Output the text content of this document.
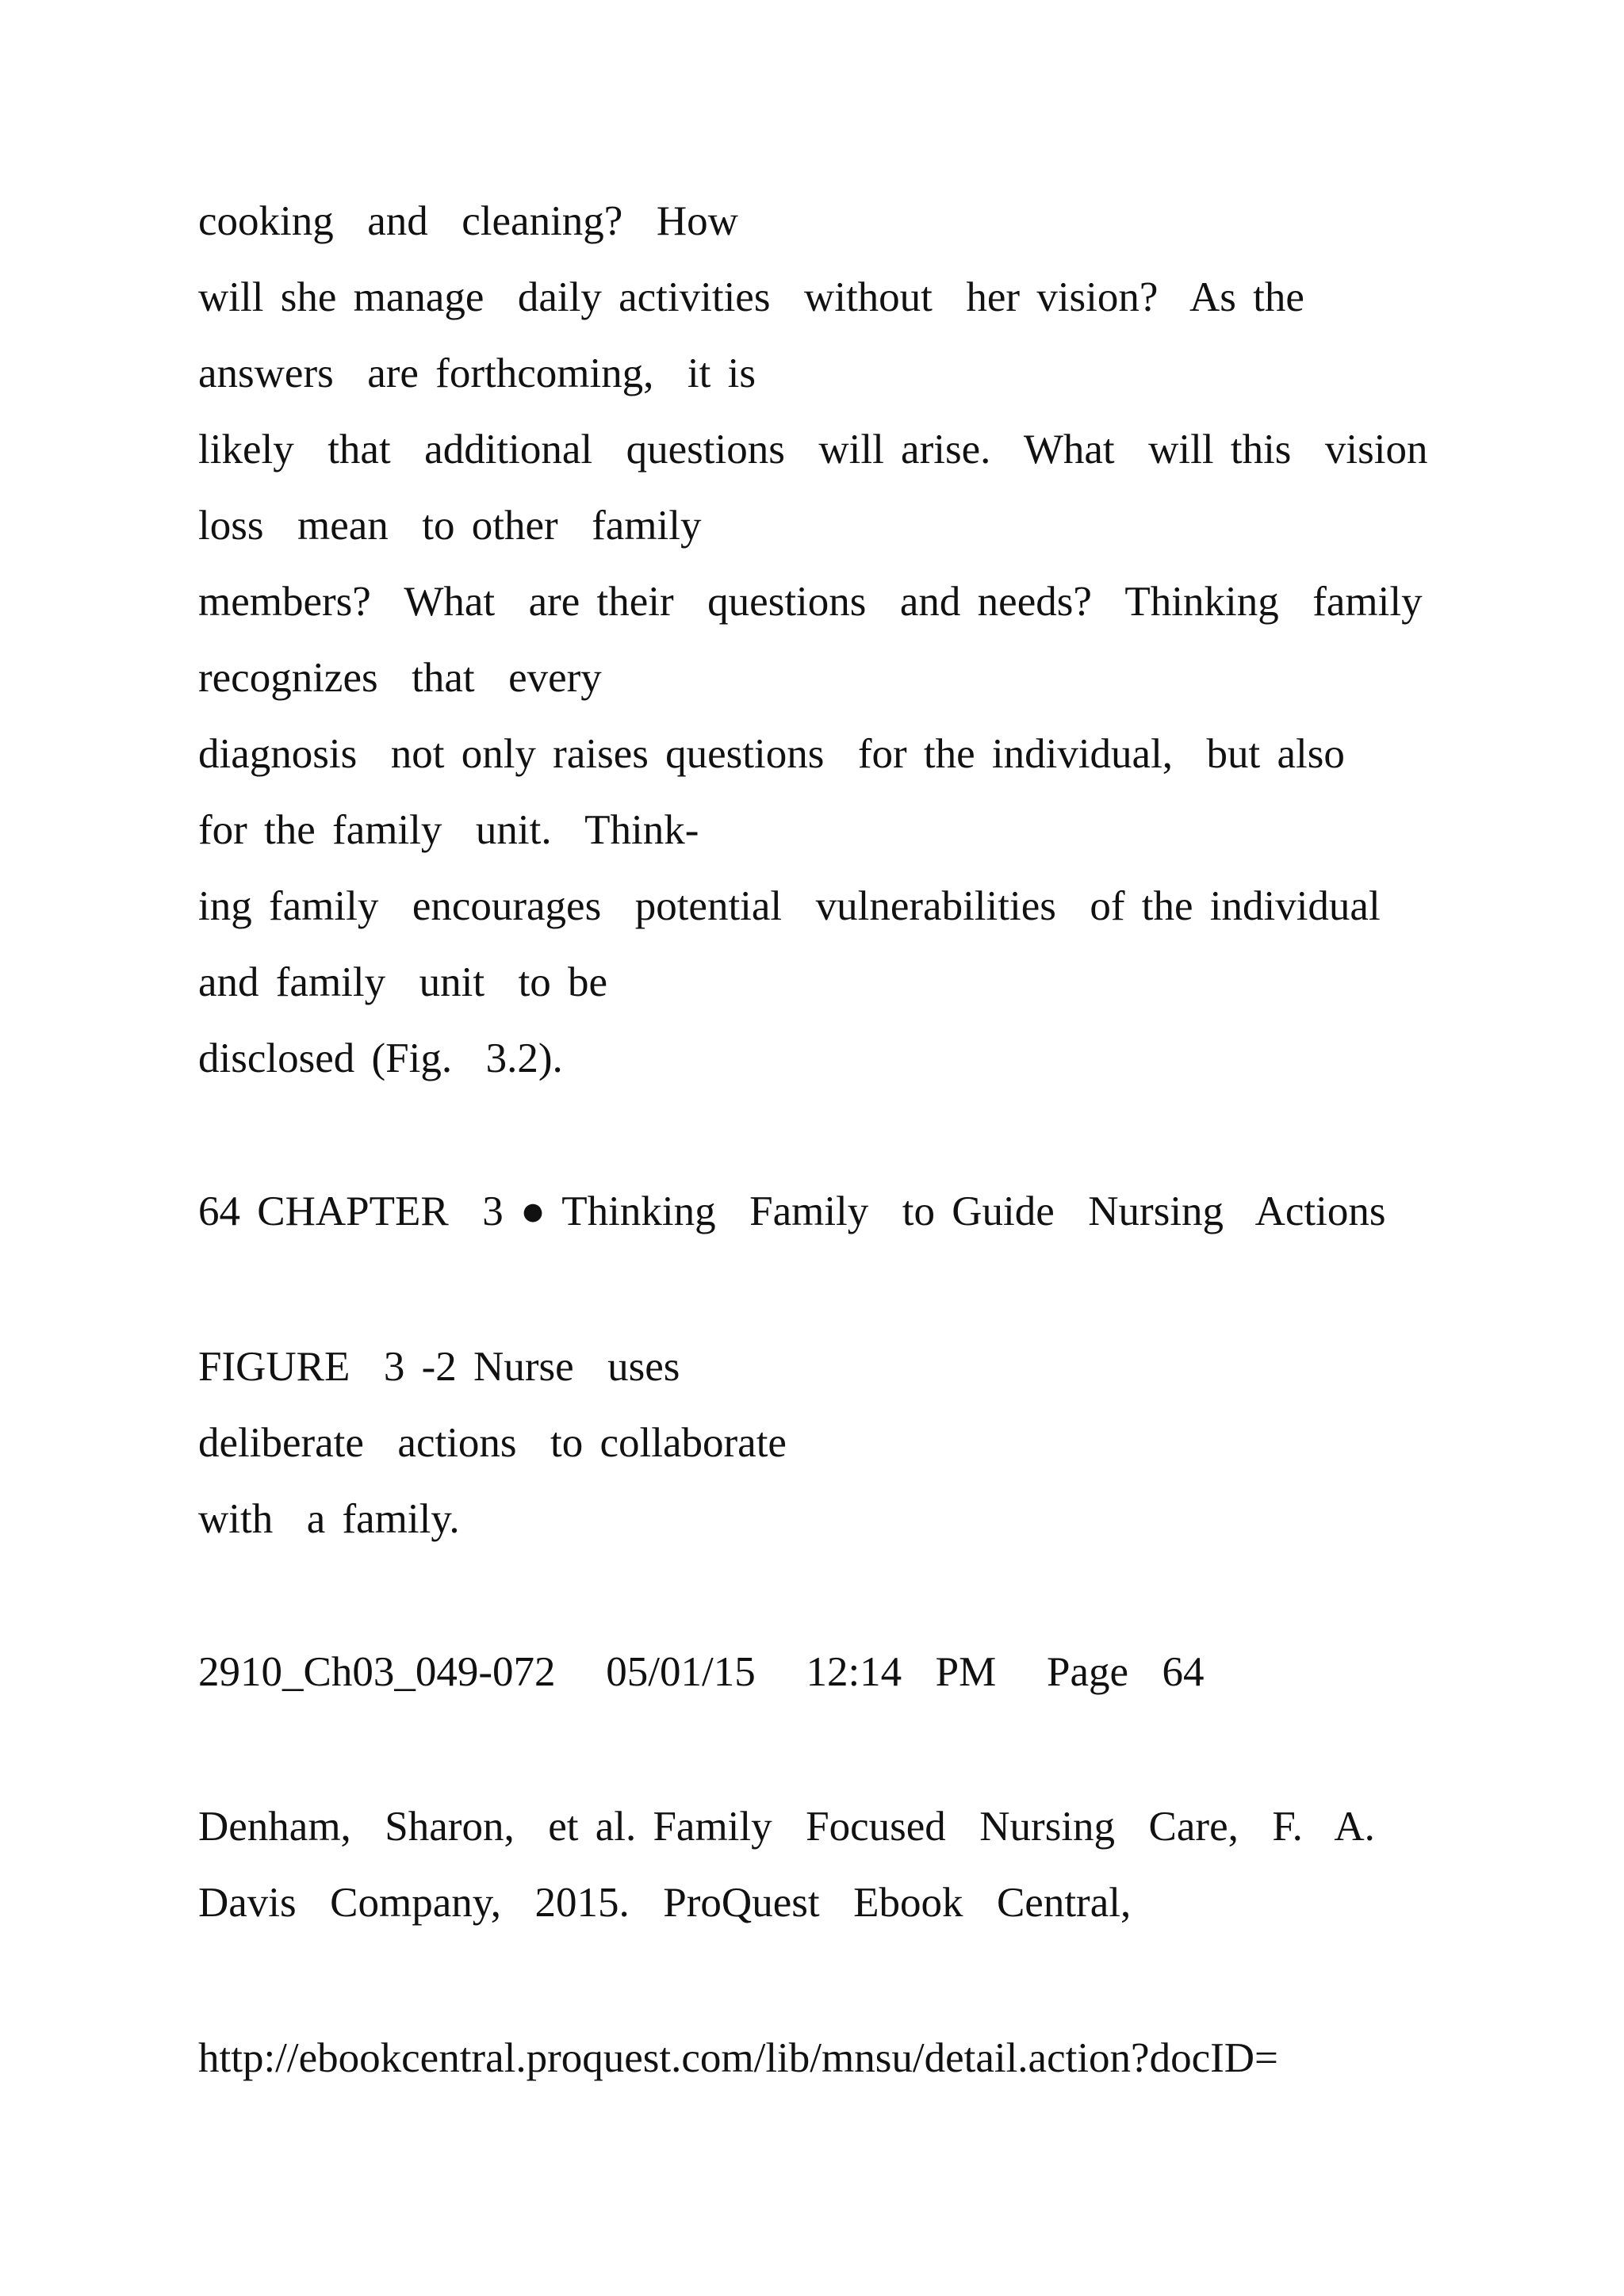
cooking  and  cleaning?  How

will she manage  daily activities  without  her vision?  As the

answers  are forthcoming,  it is

likely  that  additional  questions  will arise.  What  will this  vision

loss  mean  to other  family

members?  What  are their  questions  and needs?  Thinking  family

recognizes  that  every

diagnosis  not only raises questions  for the individual,  but also

for the family  unit.  Think-

ing family  encourages  potential  vulnerabilities  of the individual

and family  unit  to be

disclosed (Fig.  3.2).

64 CHAPTER  3 ● Thinking  Family  to Guide  Nursing  Actions

FIGURE  3 -2 Nurse  uses

deliberate  actions  to collaborate

with  a family.

2910_Ch03_049-072   05/01/15   12:14  PM   Page  64

Denham,  Sharon,  et al. Family  Focused  Nursing  Care,  F.  A.

Davis  Company,  2015.  ProQuest  Ebook  Central,

http://ebookcentral.proquest.com/lib/mnsu/detail.action?docID=
